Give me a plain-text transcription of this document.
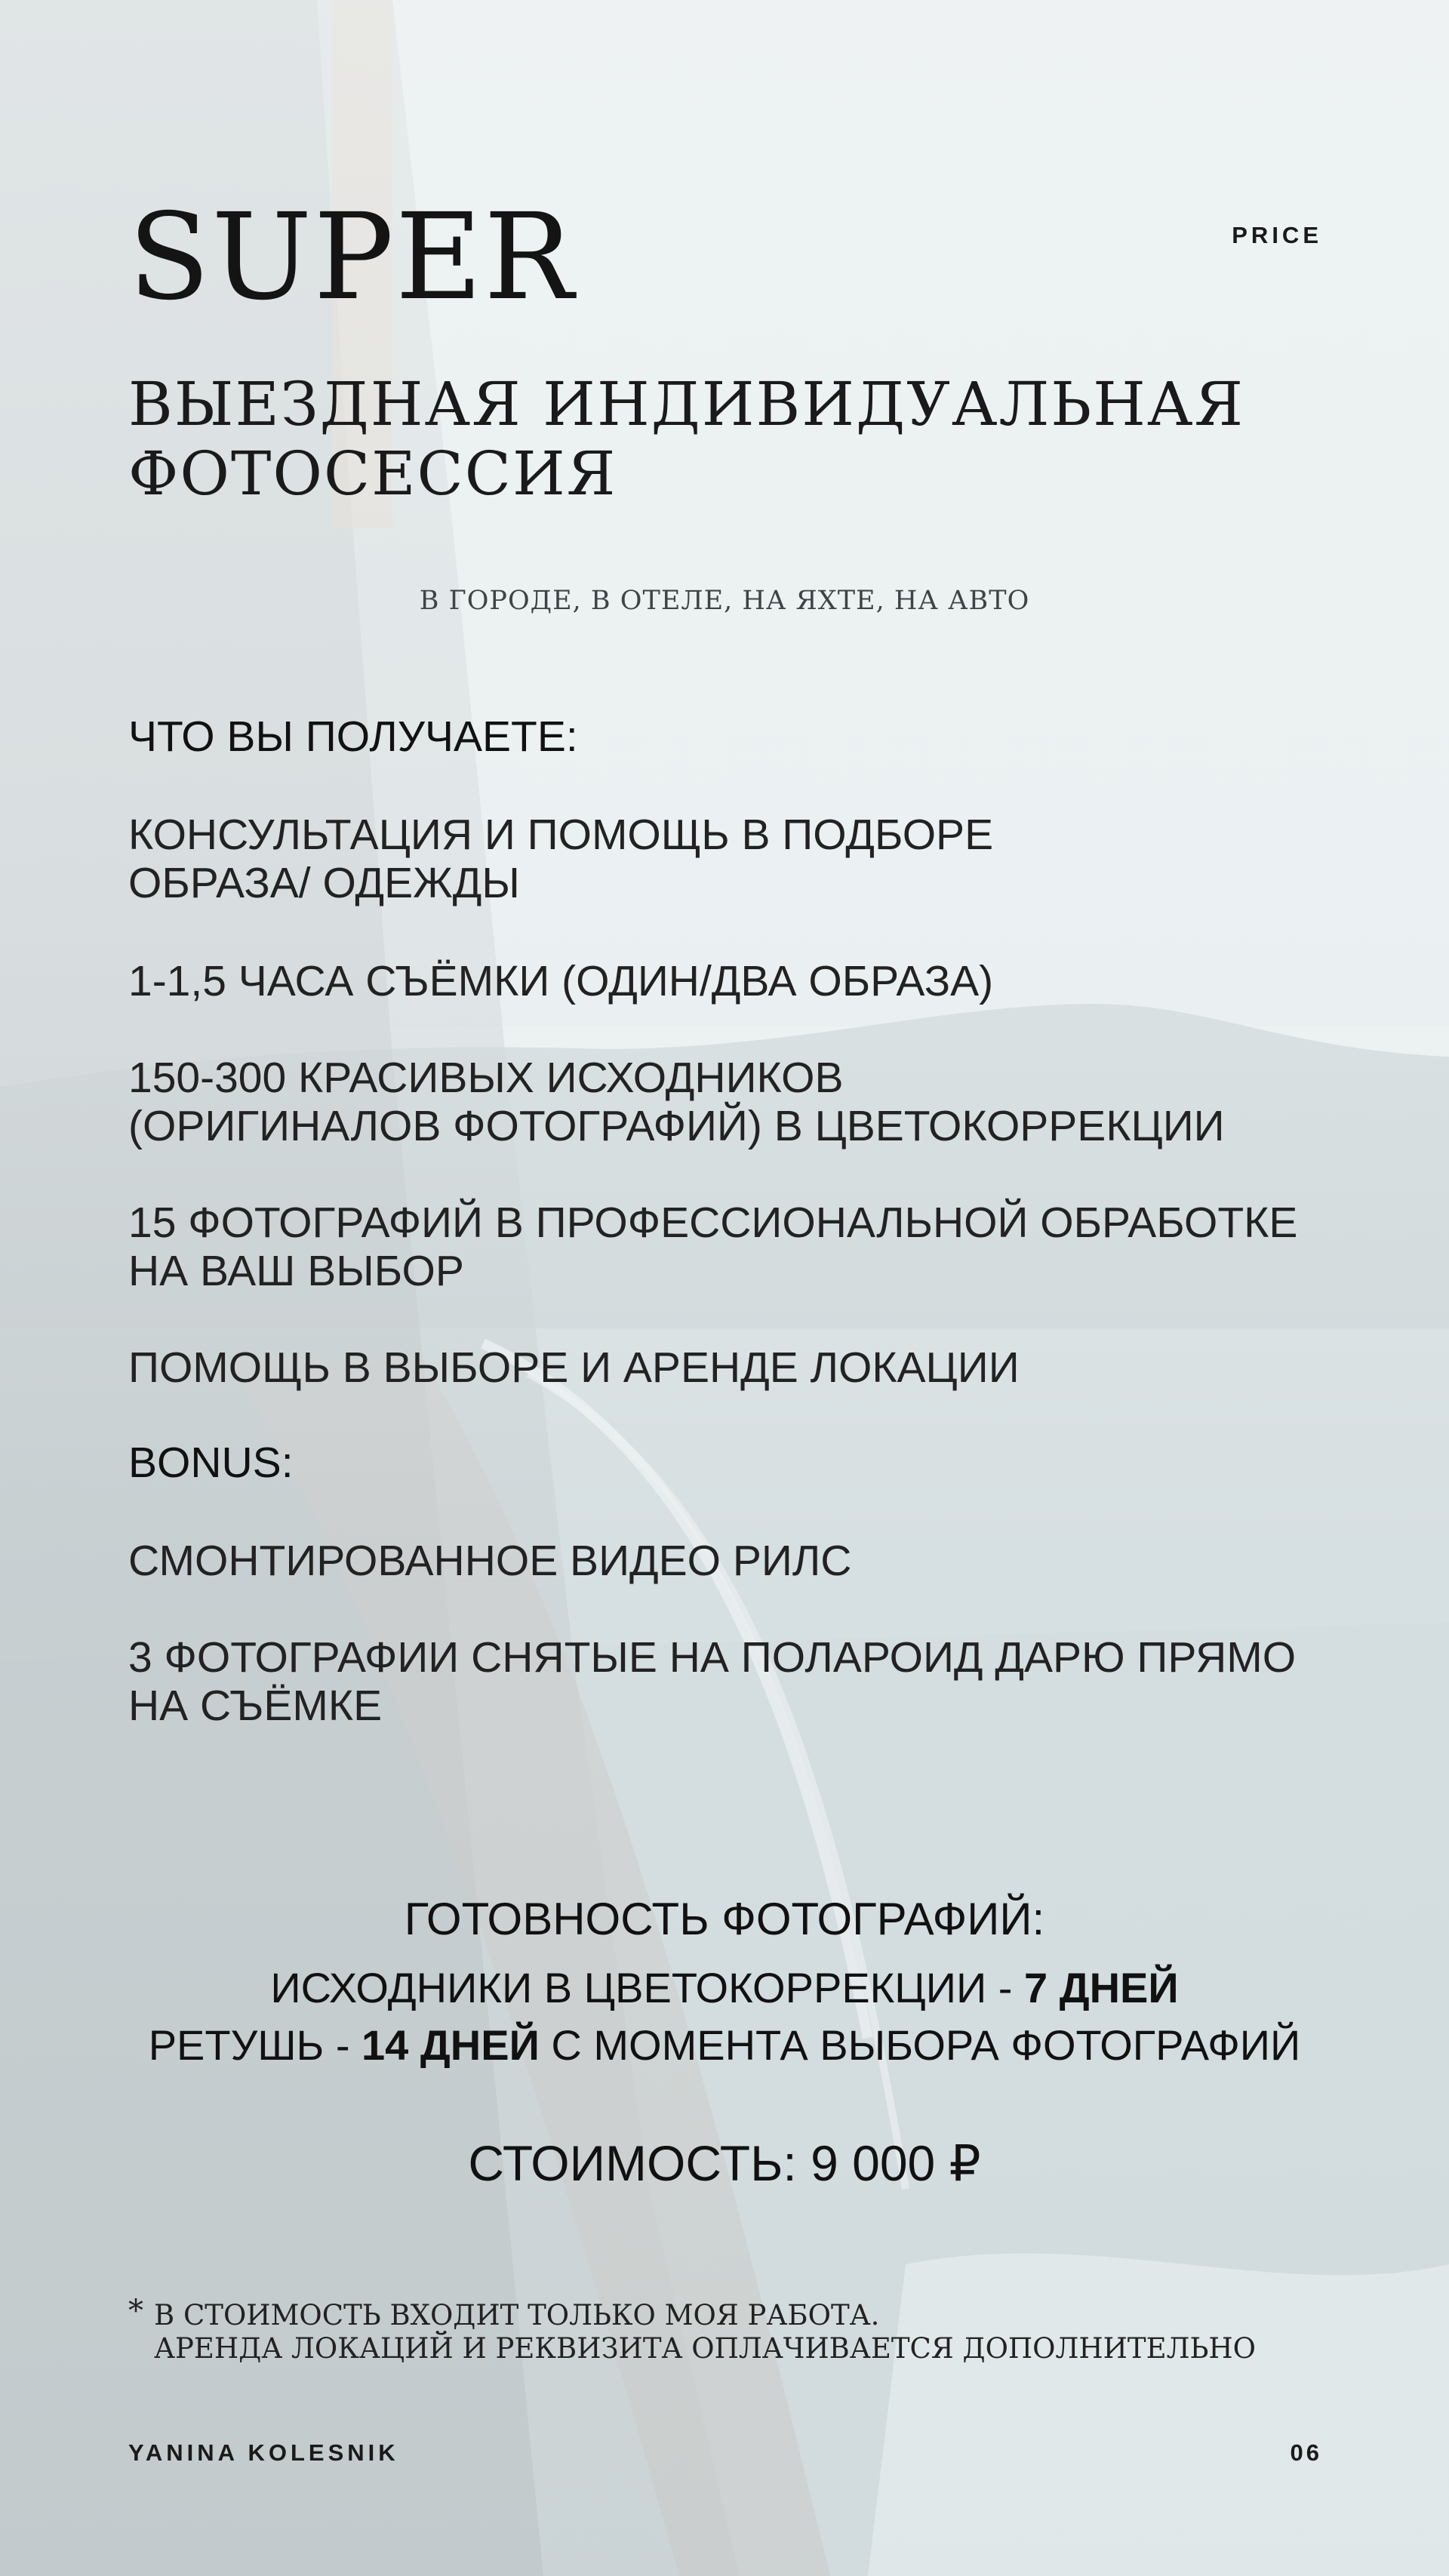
SUPER	PRICE
ВЫЕЗДНАЯ ИНДИВИДУАЛЬНАЯ
ФОТОСЕССИЯ
В ГОРОДЕ, В ОТЕЛЕ, НА ЯХТЕ, НА АВТО
ЧТО ВЫ ПОЛУЧАЕТЕ:
КОНСУЛЬТАЦИЯ И ПОМОЩЬ В ПОДБОРЕ
ОБРАЗА/ ОДЕЖДЫ
1-1,5 ЧАСА СЪЁМКИ (ОДИН/ДВА ОБРАЗА)
150-300 КРАСИВЫХ ИСХОДНИКОВ
(ОРИГИНАЛОВ ФОТОГРАФИЙ) В ЦВЕТОКОРРЕКЦИИ
15 ФОТОГРАФИЙ В ПРОФЕССИОНАЛЬНОЙ ОБРАБОТКЕ
НА ВАШ ВЫБОР
ПОМОЩЬ В ВЫБОРЕ И АРЕНДЕ ЛОКАЦИИ
BONUS:
СМОНТИРОВАННОЕ ВИДЕО РИЛС
3 ФОТОГРАФИИ СНЯТЫЕ НА ПОЛАРОИД ДАРЮ ПРЯМО
НА СЪЁМКЕ
ГОТОВНОСТЬ ФОТОГРАФИЙ:
ИСХОДНИКИ В ЦВЕТОКОРРЕКЦИИ - 7 ДНЕЙ
РЕТУШЬ - 14 ДНЕЙ С МОМЕНТА ВЫБОРА ФОТОГРАФИЙ
СТОИМОСТЬ: 9 000 ₽
* В СТОИМОСТЬ ВХОДИТ ТОЛЬКО МОЯ РАБОТА.
АРЕНДА ЛОКАЦИЙ И РЕКВИЗИТА ОПЛАЧИВАЕТСЯ ДОПОЛНИТЕЛЬНО
YANINA KOLESNIK	06
